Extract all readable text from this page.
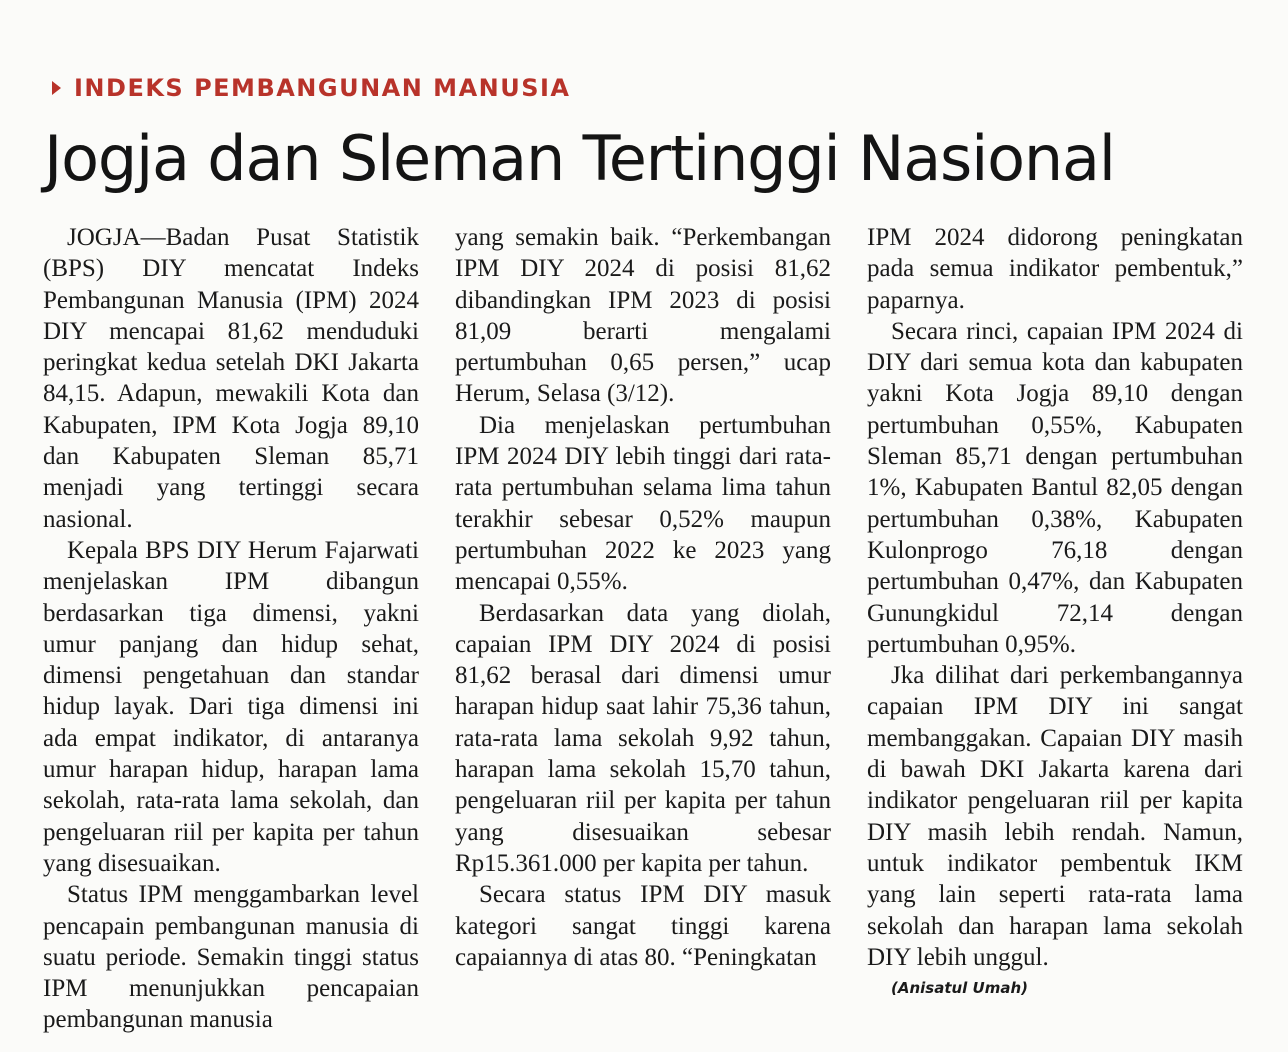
INDEKS PEMBANGUNAN MANUSIA
Jogja dan Sleman Tertinggi Nasional

JOGJA—Badan Pusat Statistik (BPS) DIY mencatat Indeks Pembangunan Manusia (IPM) 2024 DIY mencapai 81,62 menduduki peringkat kedua setelah DKI Jakarta 84,15. Adapun, mewakili Kota dan Kabupaten, IPM Kota Jogja 89,10 dan Kabupaten Sleman 85,71 menjadi yang tertinggi secara nasional.

Kepala BPS DIY Herum Fajarwati menjelaskan IPM dibangun berdasarkan tiga dimensi, yakni umur panjang dan hidup sehat, dimensi pengetahuan dan standar hidup layak. Dari tiga dimensi ini ada empat indikator, di antaranya umur harapan hidup, harapan lama sekolah, rata-rata lama sekolah, dan pengeluaran riil per kapita per tahun yang disesuaikan.

Status IPM menggambarkan level pencapain pembangunan manusia di suatu periode. Semakin tinggi status IPM menunjukkan pencapaian pembangunan manusia

yang semakin baik. “Perkembangan IPM DIY 2024 di posisi 81,62 dibandingkan IPM 2023 di posisi 81,09 berarti mengalami pertumbuhan 0,65 persen,” ucap Herum, Selasa (3/12).

Dia menjelaskan pertumbuhan IPM 2024 DIY lebih tinggi dari rata-rata pertumbuhan selama lima tahun terakhir sebesar 0,52% maupun pertumbuhan 2022 ke 2023 yang mencapai 0,55%.

Berdasarkan data yang diolah, capaian IPM DIY 2024 di posisi 81,62 berasal dari dimensi umur harapan hidup saat lahir 75,36 tahun, rata-rata lama sekolah 9,92 tahun, harapan lama sekolah 15,70 tahun, pengeluaran riil per kapita per tahun yang disesuaikan sebesar Rp15.361.000 per kapita per tahun.

Secara status IPM DIY masuk kategori sangat tinggi karena capaiannya di atas 80. “Peningkatan

IPM 2024 didorong peningkatan pada semua indikator pembentuk,” paparnya.

Secara rinci, capaian IPM 2024 di DIY dari semua kota dan kabupaten yakni Kota Jogja 89,10 dengan pertumbuhan 0,55%, Kabupaten Sleman 85,71 dengan pertumbuhan 1%, Kabupaten Bantul 82,05 dengan pertumbuhan 0,38%, Kabupaten Kulonprogo 76,18 dengan pertumbuhan 0,47%, dan Kabupaten Gunungkidul 72,14 dengan pertumbuhan 0,95%.

Jka dilihat dari perkembangannya capaian IPM DIY ini sangat membanggakan. Capaian DIY masih di bawah DKI Jakarta karena dari indikator pengeluaran riil per kapita DIY masih lebih rendah. Namun, untuk indikator pembentuk IKM yang lain seperti rata-rata lama sekolah dan harapan lama sekolah DIY lebih unggul.

(Anisatul Umah)
